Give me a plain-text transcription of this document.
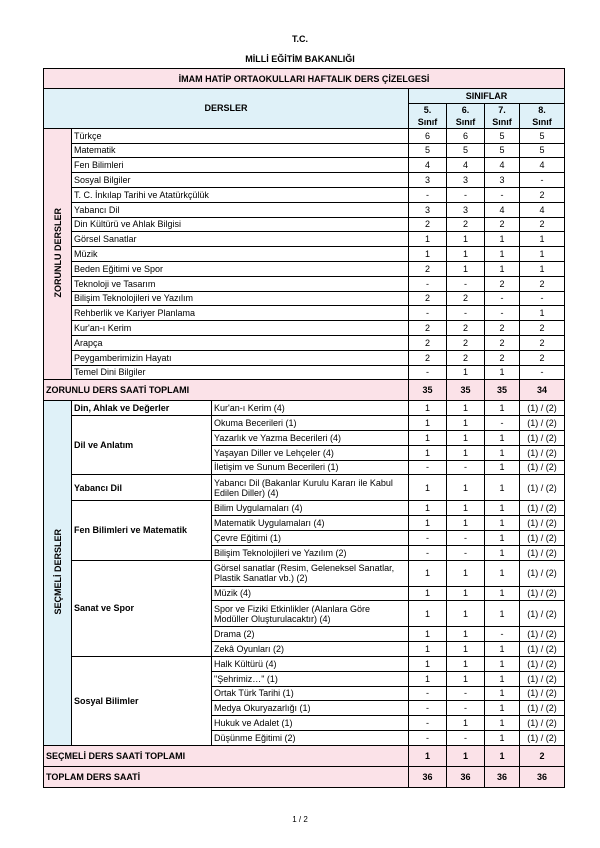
T.C.
MİLLİ EĞİTİM BAKANLIĞI
İMAM HATİP ORTAOKULLARI HAFTALIK DERS ÇİZELGESİ						
DERSLER			SINIFLAR			
			5.	6.	7.	8.
			Sınıf	Sınıf	Sınıf	Sınıf
ZORUNLU DERSLER	Türkçe		6	6	5	5
	Matematik		5	5	5	5
	Fen Bilimleri		4	4	4	4
	Sosyal Bilgiler		3	3	3	-
	T. C. İnkılap Tarihi ve Atatürkçülük		-	-	-	2
	Yabancı Dil		3	3	4	4
	Din Kültürü ve Ahlak Bilgisi		2	2	2	2
	Görsel Sanatlar		1	1	1	1
	Müzik		1	1	1	1
	Beden Eğitimi ve Spor		2	1	1	1
	Teknoloji ve Tasarım		-	-	2	2
	Bilişim Teknolojileri ve Yazılım		2	2	-	-
	Rehberlik ve Kariyer Planlama		-	-	-	1
	Kur'an-ı Kerim		2	2	2	2
	Arapça		2	2	2	2
	Peygamberimizin Hayatı		2	2	2	2
	Temel Dini Bilgiler		-	1	1	-
ZORUNLU DERS SAATİ TOPLAMI			35	35	35	34
SEÇMELİ DERSLER	Din, Ahlak ve Değerler	Kur'an-ı Kerim (4)	1	1	1	(1) / (2)
	Dil ve Anlatım	Okuma Becerileri (1)	1	1	-	(1) / (2)
		Yazarlık ve Yazma Becerileri (4)	1	1	1	(1) / (2)
		Yaşayan Diller ve Lehçeler (4)	1	1	1	(1) / (2)
		İletişim ve Sunum Becerileri (1)	-	-	1	(1) / (2)
	Yabancı Dil	Yabancı Dil (Bakanlar Kurulu Kararı ile Kabul Edilen Diller) (4)	1	1	1	(1) / (2)
	Fen Bilimleri ve Matematik	Bilim Uygulamaları (4)	1	1	1	(1) / (2)
		Matematik Uygulamaları (4)	1	1	1	(1) / (2)
		Çevre Eğitimi (1)	-	-	1	(1) / (2)
		Bilişim Teknolojileri ve Yazılım (2)	-	-	1	(1) / (2)
	Sanat ve Spor	Görsel sanatlar (Resim, Geleneksel Sanatlar, Plastik Sanatlar vb.) (2)	1	1	1	(1) / (2)
		Müzik (4)	1	1	1	(1) / (2)
		Spor ve Fiziki Etkinlikler (Alanlara Göre Modüller Oluşturulacaktır) (4)	1	1	1	(1) / (2)
		Drama (2)	1	1	-	(1) / (2)
		Zekâ Oyunları (2)	1	1	1	(1) / (2)
	Sosyal Bilimler	Halk Kültürü (4)	1	1	1	(1) / (2)
		"Şehrimiz…" (1)	1	1	1	(1) / (2)
		Ortak Türk Tarihi (1)	-	-	1	(1) / (2)
		Medya Okuryazarlığı (1)	-	-	1	(1) / (2)
		Hukuk ve Adalet (1)	-	1	1	(1) / (2)
		Düşünme Eğitimi (2)	-	-	1	(1) / (2)
SEÇMELİ DERS SAATİ TOPLAMI			1	1	1	2
TOPLAM DERS SAATİ			36	36	36	36
1 / 2
